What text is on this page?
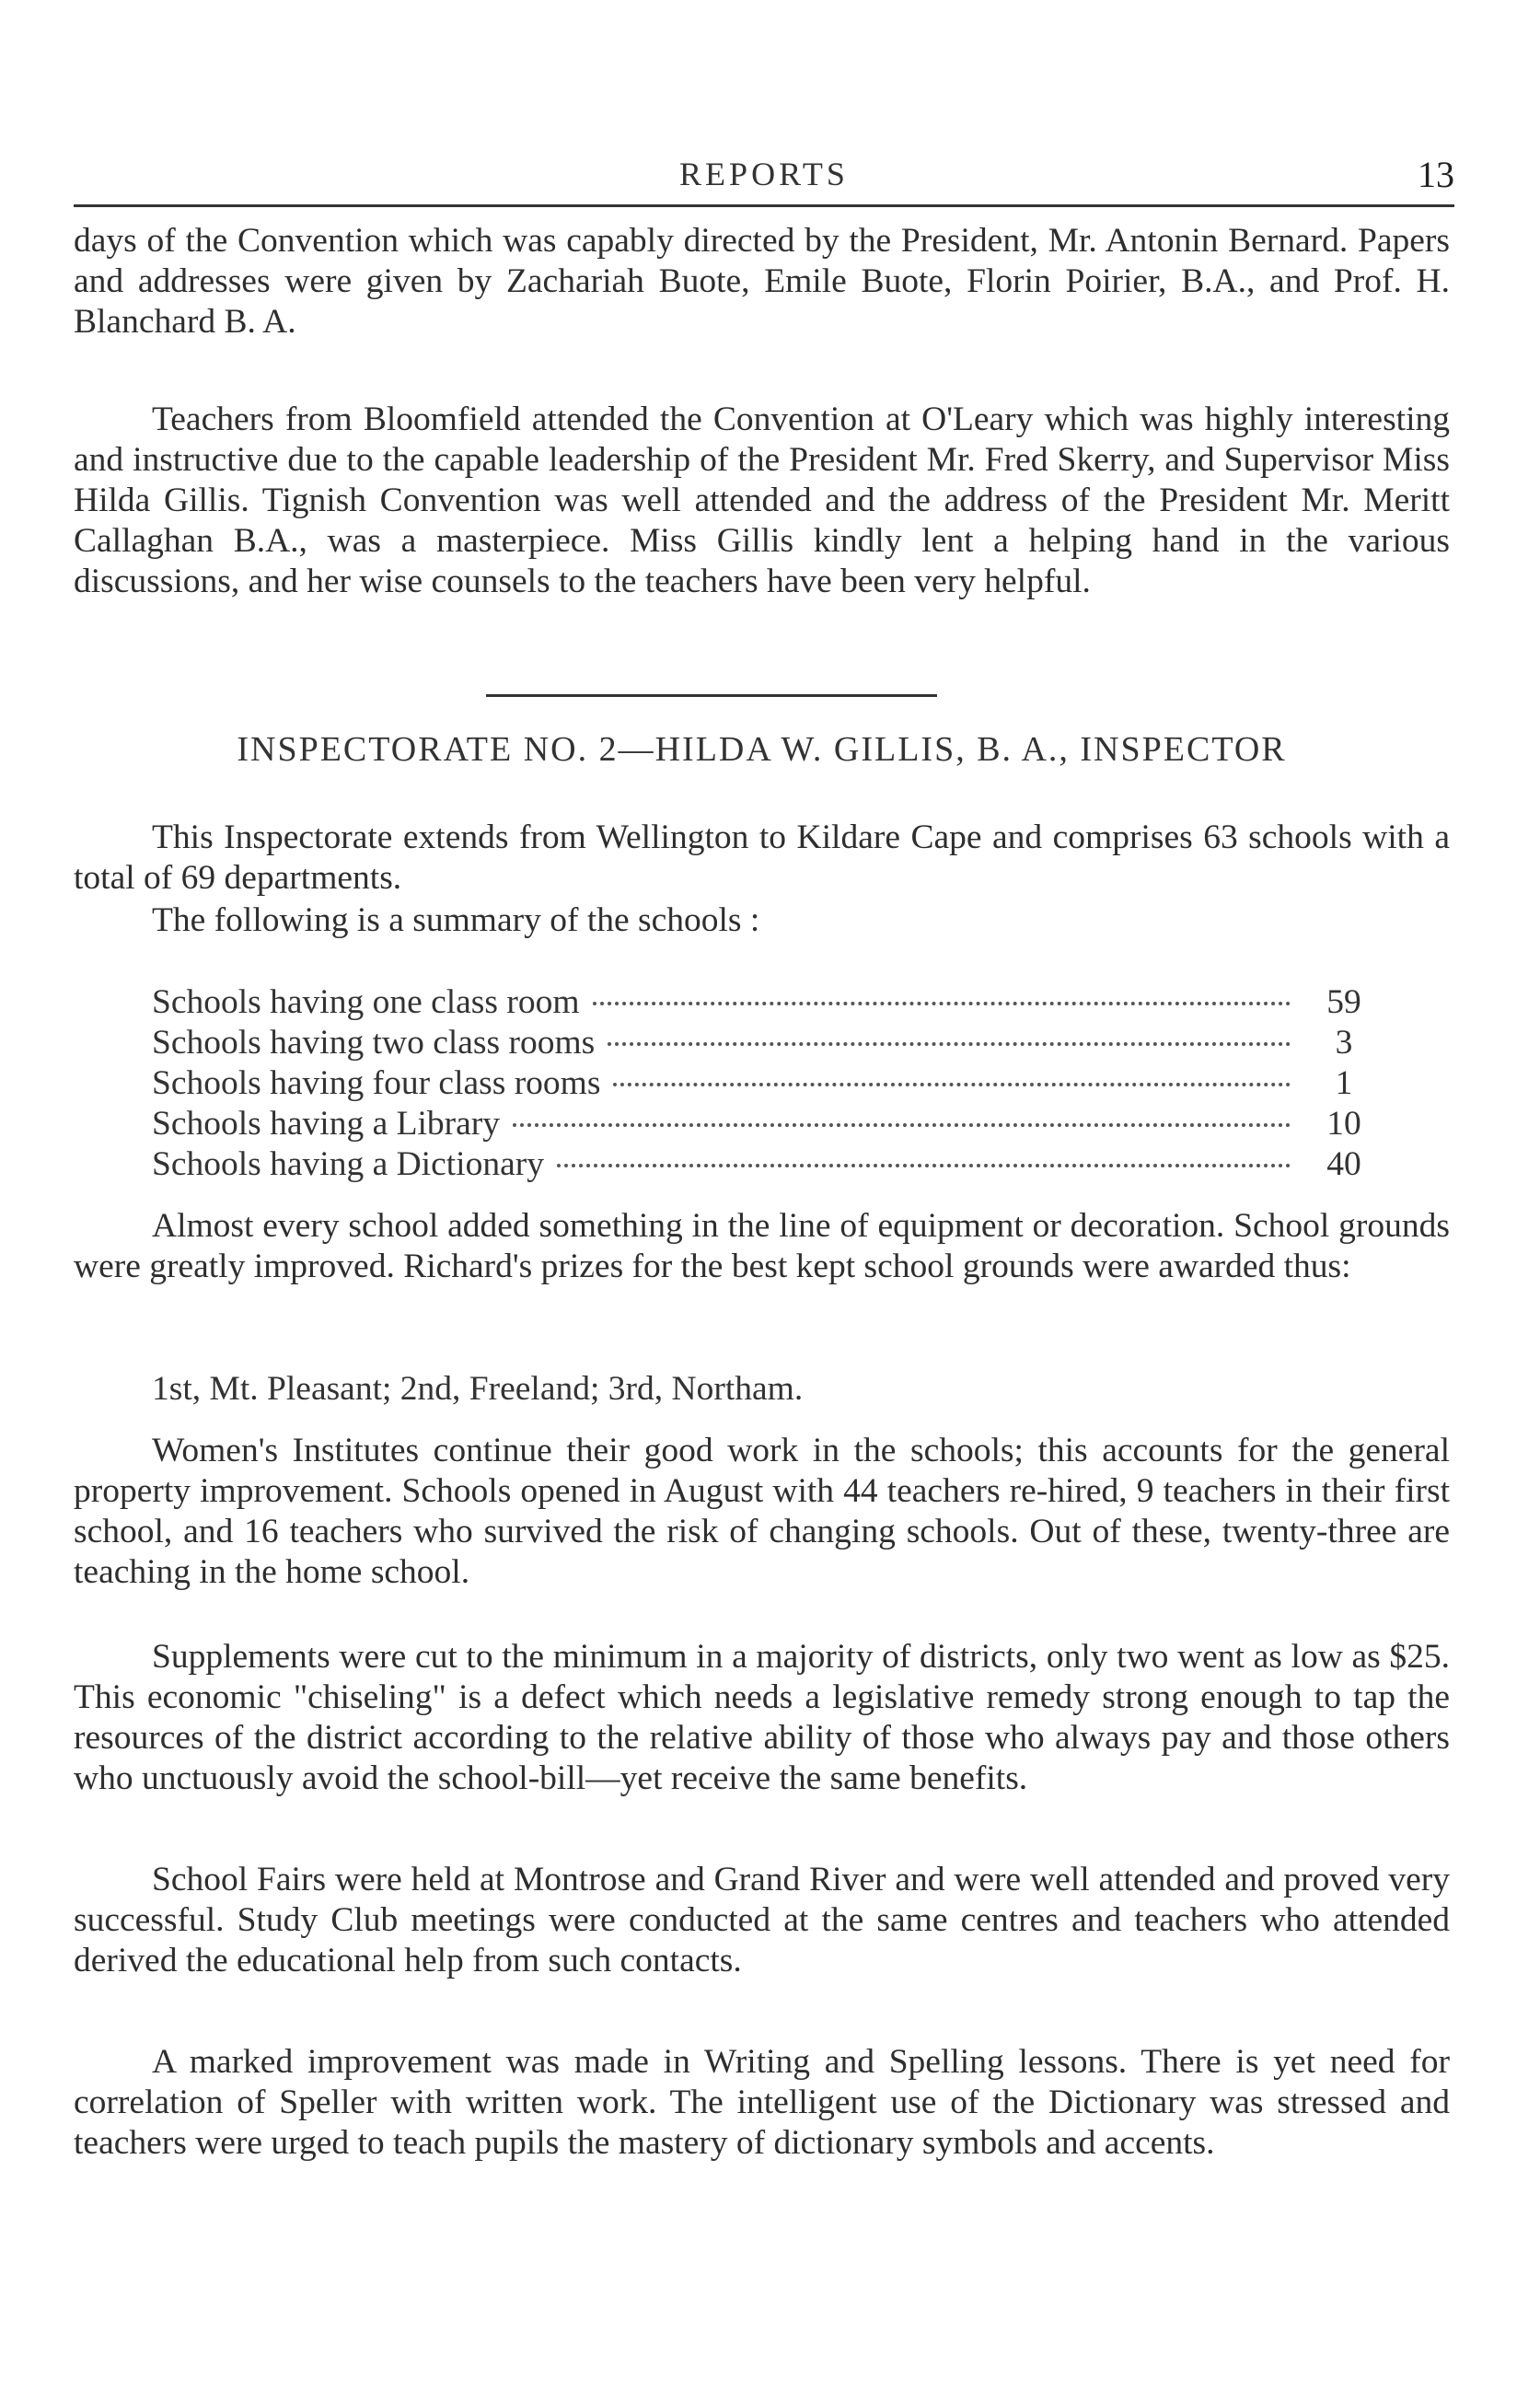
REPORTS	13

days of the Convention which was capably directed by the President, Mr. Antonin Bernard. Papers and addresses were given by Zachariah Buote, Emile Buote, Florin Poirier, B.A., and Prof. H. Blanchard B. A.

Teachers from Bloomfield attended the Convention at O'Leary which was highly interesting and instructive due to the capable leadership of the President Mr. Fred Skerry, and Supervisor Miss Hilda Gillis. Tignish Convention was well attended and the address of the President Mr. Meritt Callaghan B.A., was a masterpiece. Miss Gillis kindly lent a helping hand in the various discussions, and her wise counsels to the teachers have been very helpful.

INSPECTORATE NO. 2—HILDA W. GILLIS, B. A., INSPECTOR

This Inspectorate extends from Wellington to Kildare Cape and comprises 63 schools with a total of 69 departments.

The following is a summary of the schools :

Schools having one class room	59
Schools having two class rooms	3
Schools having four class rooms	1
Schools having a Library	10
Schools having a Dictionary	40

Almost every school added something in the line of equipment or decoration. School grounds were greatly improved. Richard's prizes for the best kept school grounds were awarded thus:

1st, Mt. Pleasant; 2nd, Freeland; 3rd, Northam.

Women's Institutes continue their good work in the schools; this accounts for the general property improvement. Schools opened in August with 44 teachers re-hired, 9 teachers in their first school, and 16 teachers who survived the risk of changing schools. Out of these, twenty-three are teaching in the home school.

Supplements were cut to the minimum in a majority of districts, only two went as low as $25. This economic "chiseling" is a defect which needs a legislative remedy strong enough to tap the resources of the district according to the relative ability of those who always pay and those others who unctuously avoid the school-bill—yet receive the same benefits.

School Fairs were held at Montrose and Grand River and were well attended and proved very successful. Study Club meetings were conducted at the same centres and teachers who attended derived the educational help from such contacts.

A marked improvement was made in Writing and Spelling lessons. There is yet need for correlation of Speller with written work. The intelligent use of the Dictionary was stressed and teachers were urged to teach pupils the mastery of dictionary symbols and accents.
